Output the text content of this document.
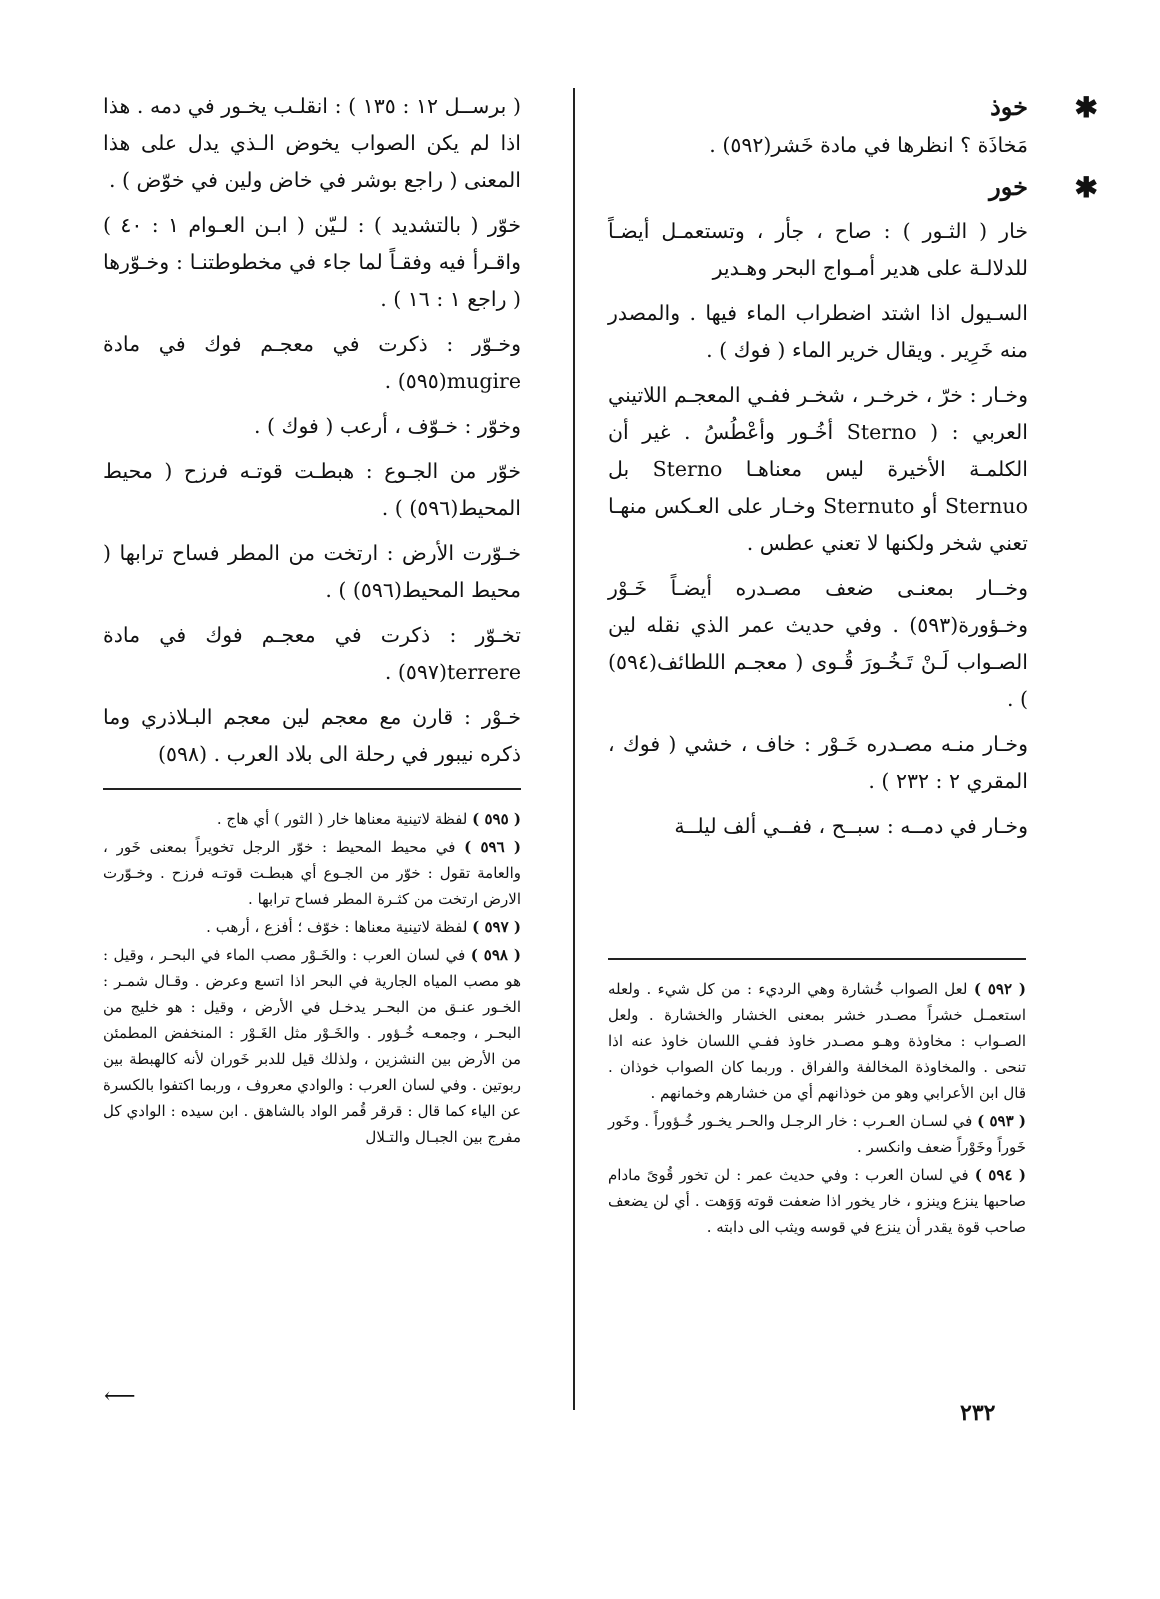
✱
خوذ
مَخاذَة ؟ انظرها في مادة خَشر(٥٩٢) .
✱
خور
خار ( الثـور ) : صاح ، جأر ، وتستعمـل أيضـاً للدلالـة على هدير أمـواج البحر وهـدير
السـيول اذا اشتد اضطراب الماء فيها . والمصدر منه خَرِير . ويقال خرير الماء ( فوك ) .
وخـار : خرّ ، خرخـر ، شخـر ففـي المعجـم اللاتيني العربي : ( Sterno أخُـور وأعْطُسُ . غير أن الكلمـة الأخيرة ليس معناهـا Sterno بل Sternuo أو Sternuto وخـار على العـكس منهـا تعني شخر ولكنها لا تعني عطس .
وخــار بمعنـى ضعف مصـدره أيضـاً خَـوْر وخـؤورة(٥٩٣) . وفي حديث عمر الذي نقله لين الصـواب لَـنْ تَـخُـورَ قُـوى ( معجـم اللطائف(٥٩٤) ) .
وخـار منـه مصـدره خَـوْر : خاف ، خشي ( فوك ، المقري ٢ : ٢٣٢ ) .
وخـار في دمــه : سبــح ، ففــي ألف ليلــة
( برســل ١٢ : ١٣٥ ) : انقلـب يخـور في دمه . هذا اذا لم يكن الصواب يخوض الـذي يدل على هذا المعنى ( راجع بوشر في خاض ولين في خوّض ) .
خوّر ( بالتشديد ) : لـيّن ( ابـن العـوام ١ : ٤٠ ) واقـرأ فيه وفقـاً لما جاء في مخطوطتنـا : وخـوّرها ( راجع ١ : ١٦ ) .
وخـوّر : ذكرت في معجـم فوك في مادة mugire(٥٩٥) .
وخوّر : خـوّف ، أرعب ( فوك ) .
خوّر من الجـوع : هبطـت قوتـه فرزح ( محيط المحيط(٥٩٦) ) .
خـوّرت الأرض : ارتخت من المطر فساح ترابها ( محيط المحيط(٥٩٦) ) .
تخـوّر : ذكرت في معجـم فوك في مادة terrere(٥٩٧) .
خـوْر : قارن مع معجم لين معجم البـلاذري وما ذكره نيبور في رحلة الى بلاد العرب . (٥٩٨)
( ٥٩٢ ) لعل الصواب خُشارة وهي الرديء : من كل شيء . ولعله استعمـل خشراً مصـدر خشر بمعنى الخشار والخشارة . ولعل الصـواب : مخاوذة وهـو مصـدر خاوذ ففـي اللسان خاوذ عنه اذا تنحى . والمخاوذة المخالفة والفراق . وربما كان الصواب خوذان . قال ابن الأعرابي وهو من خوذانهم أي من خشارهم وخمانهم .
( ٥٩٣ ) في لسـان العـرب : خار الرجـل والحـر يخـور خُـؤوراً . وخَور خَوراً وخَوْراً ضعف وانكسر .
( ٥٩٤ ) في لسان العرب : وفي حديث عمر : لن تخور قُوىً مادام صاحبها ينزع وينزو ، خار يخور اذا ضعفت قوته وَوَهت . أي لن يضعف صاحب قوة يقدر أن ينزع في قوسه ويثب الى دابته .
( ٥٩٥ ) لفظة لاتينية معناها خار ( الثور ) أي هاج .
( ٥٩٦ ) في محيط المحيط : خوّر الرجل تخويراً بمعنى خَور ، والعامة تقول : خوّر من الجـوع أي هبطـت قوتـه فرزح . وخـوّرت الارض ارتخت من كثـرة المطر فساح ترابها .
( ٥٩٧ ) لفظة لاتينية معناها : خوّف ؛ أفزع ، أرهب .
( ٥٩٨ ) في لسان العرب : والخَـوْر مصب الماء في البحـر ، وقيل : هو مصب المياه الجارية في البحر اذا اتسع وعرض . وقـال شمـر : الخـور عنـق من البحـر يدخـل في الأرض ، وقيل : هو خليج من البحـر ، وجمعـه خُـؤور . والخَـوْر مثل الغَـوْر : المنخفض المطمئن من الأرض بين النشزين ، ولذلك قيل للدبر خَوران لأنه كالهبطة بين ربوتين . وفي لسان العرب : والوادي معروف ، وربما اكتفوا بالكسرة عن الياء كما قال : قرقر قُمر الواد بالشاهق . ابن سيده : الوادي كل مفرج بين الجبـال والتـلال
⟵
٢٣٢
